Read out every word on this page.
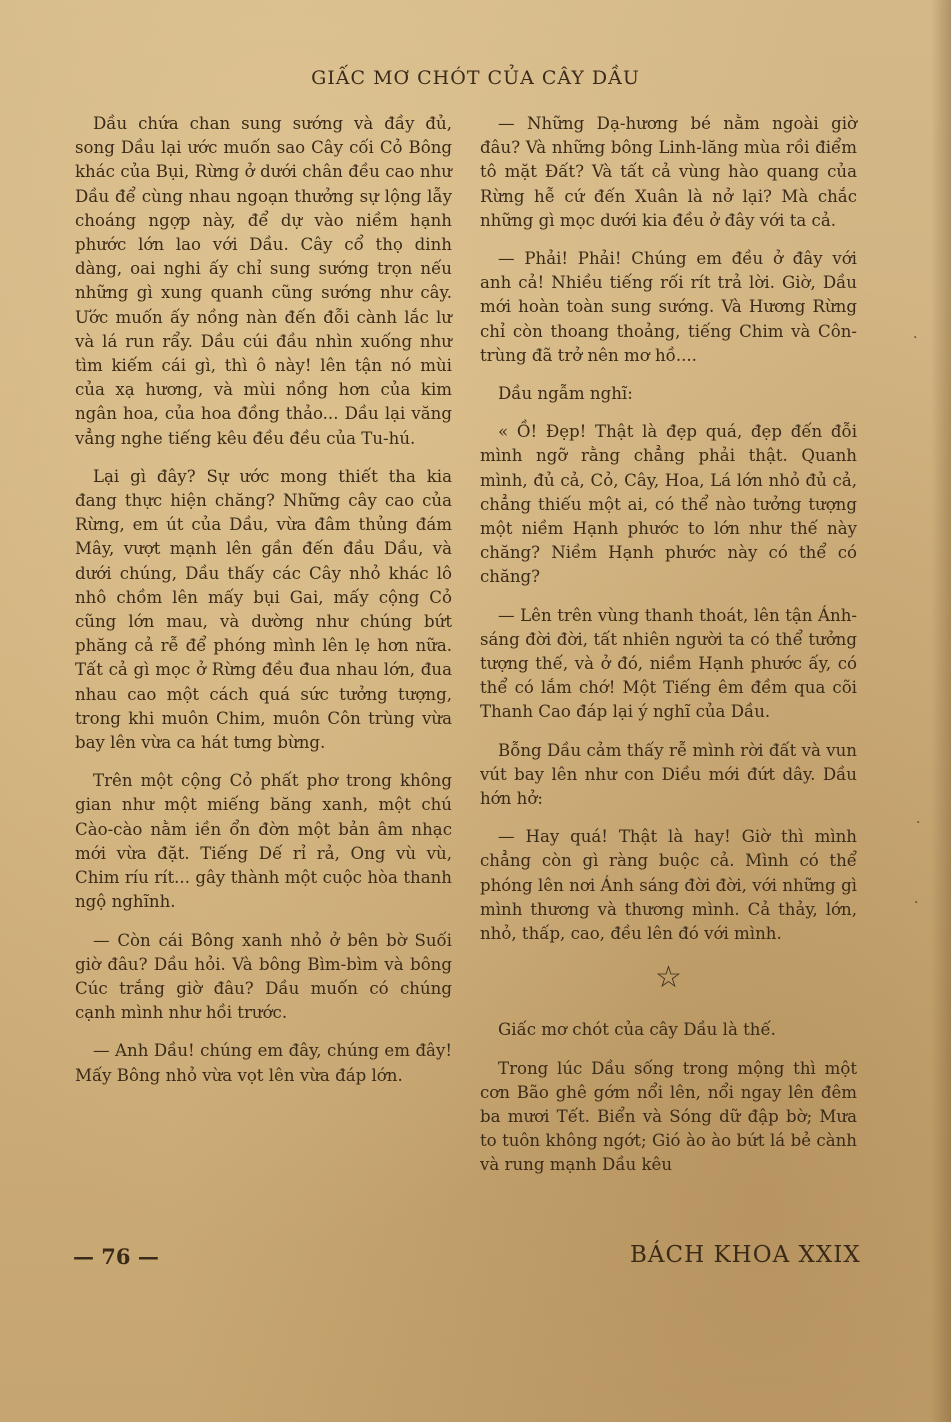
GIẤC MƠ CHÓT CỦA CÂY DẦU

Dầu chứa chan sung sướng và đầy đủ, song Dầu lại ước muốn sao Cây cối Cỏ Bông khác của Bụi, Rừng ở dưới chân đều cao như Dầu để cùng nhau ngoạn thưởng sự lộng lẫy choáng ngợp này, để dự vào niềm hạnh phước lớn lao với Dầu. Cây cổ thọ dinh dàng, oai nghi ấy chỉ sung sướng trọn nếu những gì xung quanh cũng sướng như cây. Ước muốn ấy nồng nàn đến đỗi cành lắc lư và lá run rẩy. Dầu cúi đầu nhìn xuống như tìm kiếm cái gì, thì ô này! lên tận nó mùi của xạ hương, và mùi nồng hơn của kim ngân hoa, của hoa đồng thảo... Dầu lại văng vẳng nghe tiếng kêu đều đều của Tu-hú.

Lại gì đây? Sự ước mong thiết tha kia đang thực hiện chăng? Những cây cao của Rừng, em út của Dầu, vừa đâm thủng đám Mây, vượt mạnh lên gần đến đầu Dầu, và dưới chúng, Dầu thấy các Cây nhỏ khác lô nhô chồm lên mấy bụi Gai, mấy cộng Cỏ cũng lớn mau, và dường như chúng bứt phăng cả rễ để phóng mình lên lẹ hơn nữa. Tất cả gì mọc ở Rừng đều đua nhau lớn, đua nhau cao một cách quá sức tưởng tượng, trong khi muôn Chim, muôn Côn trùng vừa bay lên vừa ca hát tưng bừng.

Trên một cộng Cỏ phất phơ trong không gian như một miếng băng xanh, một chú Cào-cào nằm iền ổn đờn một bản âm nhạc mới vừa đặt. Tiếng Dế rỉ rả, Ong vù vù, Chim ríu rít... gây thành một cuộc hòa thanh ngộ nghĩnh.

— Còn cái Bông xanh nhỏ ở bên bờ Suối giờ đâu? Dầu hỏi. Và bông Bìm-bìm và bông Cúc trắng giờ đâu? Dầu muốn có chúng cạnh mình như hồi trước.

— Anh Dầu! chúng em đây, chúng em đây! Mấy Bông nhỏ vừa vọt lên vừa đáp lớn.

— Những Dạ-hương bé nằm ngoài giờ đâu? Và những bông Linh-lăng mùa rồi điểm tô mặt Đất? Và tất cả vùng hào quang của Rừng hễ cứ đến Xuân là nở lại? Mà chắc những gì mọc dưới kia đều ở đây với ta cả.

— Phải! Phải! Chúng em đều ở đây với anh cả! Nhiều tiếng rối rít trả lời. Giờ, Dầu mới hoàn toàn sung sướng. Và Hương Rừng chỉ còn thoang thoảng, tiếng Chim và Côn-trùng đã trở nên mơ hồ....

Dầu ngẫm nghĩ:

« Ồ! Đẹp! Thật là đẹp quá, đẹp đến đỗi mình ngỡ rằng chẳng phải thật. Quanh mình, đủ cả, Cỏ, Cây, Hoa, Lá lớn nhỏ đủ cả, chẳng thiếu một ai, có thể nào tưởng tượng một niềm Hạnh phước to lớn như thế này chăng? Niềm Hạnh phước này có thể có chăng?

— Lên trên vùng thanh thoát, lên tận Ánh-sáng đời đời, tất nhiên người ta có thể tưởng tượng thế, và ở đó, niềm Hạnh phước ấy, có thể có lắm chớ! Một Tiếng êm đềm qua cõi Thanh Cao đáp lại ý nghĩ của Dầu.

Bỗng Dầu cảm thấy rễ mình rời đất và vun vút bay lên như con Diều mới đứt dây. Dầu hớn hở:

— Hay quá! Thật là hay! Giờ thì mình chẳng còn gì ràng buộc cả. Mình có thể phóng lên nơi Ánh sáng đời đời, với những gì mình thương và thương mình. Cả thảy, lớn, nhỏ, thấp, cao, đều lên đó với mình.

☆

Giấc mơ chót của cây Dầu là thế.

Trong lúc Dầu sống trong mộng thì một cơn Bão ghê gớm nổi lên, nổi ngay lên đêm ba mươi Tết. Biển và Sóng dữ đập bờ; Mưa to tuôn không ngớt; Gió ào ào bứt lá bẻ cành và rung mạnh Dầu kêu

— 76 —	BÁCH KHOA XXIX
·
·
·
